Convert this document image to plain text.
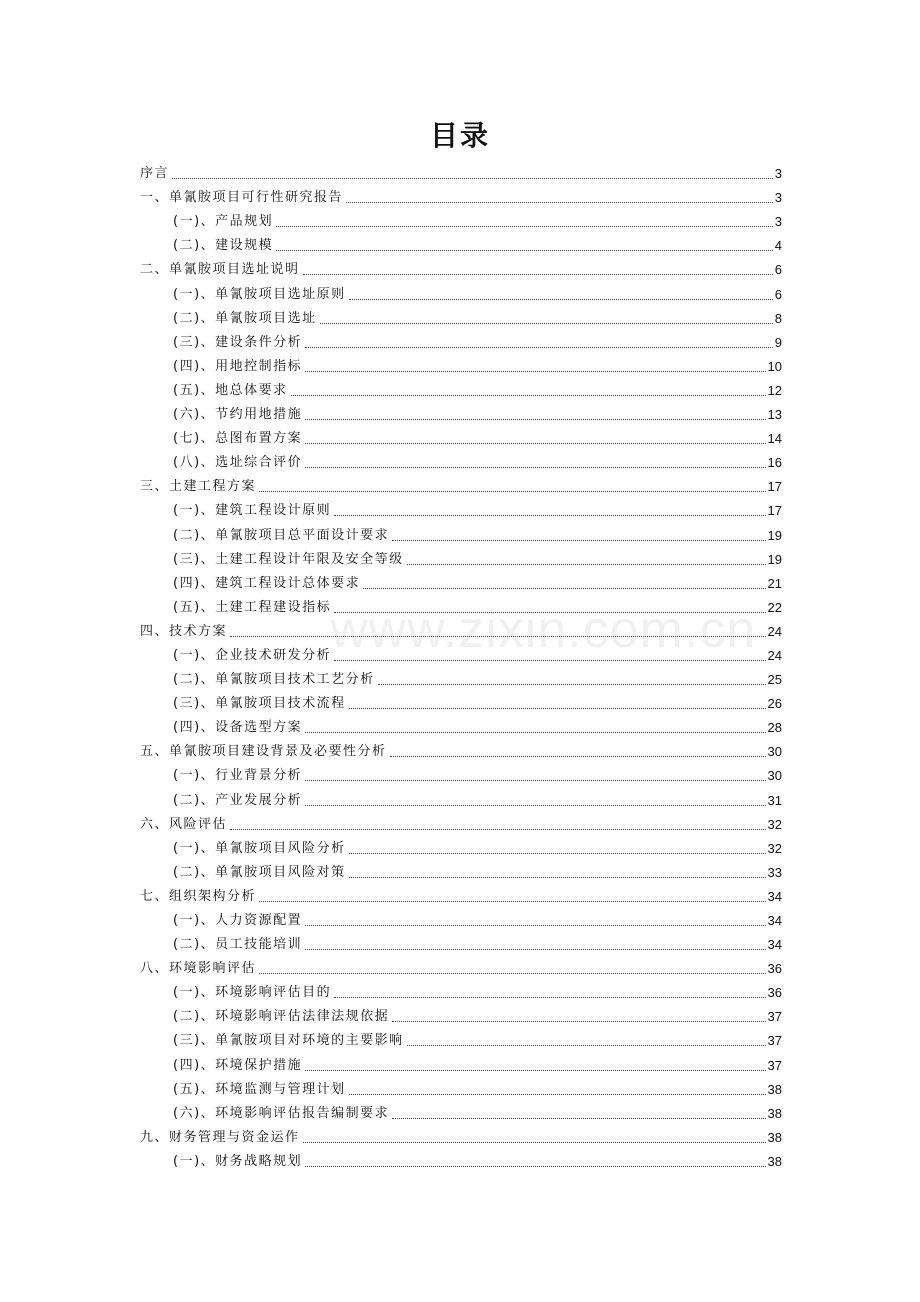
www.zixin.com.cn
目录
序言	3
一、单氰胺项目可行性研究报告	3
(一)、产品规划	3
(二)、建设规模	4
二、单氰胺项目选址说明	6
(一)、单氰胺项目选址原则	6
(二)、单氰胺项目选址	8
(三)、建设条件分析	9
(四)、用地控制指标	10
(五)、地总体要求	12
(六)、节约用地措施	13
(七)、总图布置方案	14
(八)、选址综合评价	16
三、土建工程方案	17
(一)、建筑工程设计原则	17
(二)、单氰胺项目总平面设计要求	19
(三)、土建工程设计年限及安全等级	19
(四)、建筑工程设计总体要求	21
(五)、土建工程建设指标	22
四、技术方案	24
(一)、企业技术研发分析	24
(二)、单氰胺项目技术工艺分析	25
(三)、单氰胺项目技术流程	26
(四)、设备选型方案	28
五、单氰胺项目建设背景及必要性分析	30
(一)、行业背景分析	30
(二)、产业发展分析	31
六、风险评估	32
(一)、单氰胺项目风险分析	32
(二)、单氰胺项目风险对策	33
七、组织架构分析	34
(一)、人力资源配置	34
(二)、员工技能培训	34
八、环境影响评估	36
(一)、环境影响评估目的	36
(二)、环境影响评估法律法规依据	37
(三)、单氰胺项目对环境的主要影响	37
(四)、环境保护措施	37
(五)、环境监测与管理计划	38
(六)、环境影响评估报告编制要求	38
九、财务管理与资金运作	38
(一)、财务战略规划	38
